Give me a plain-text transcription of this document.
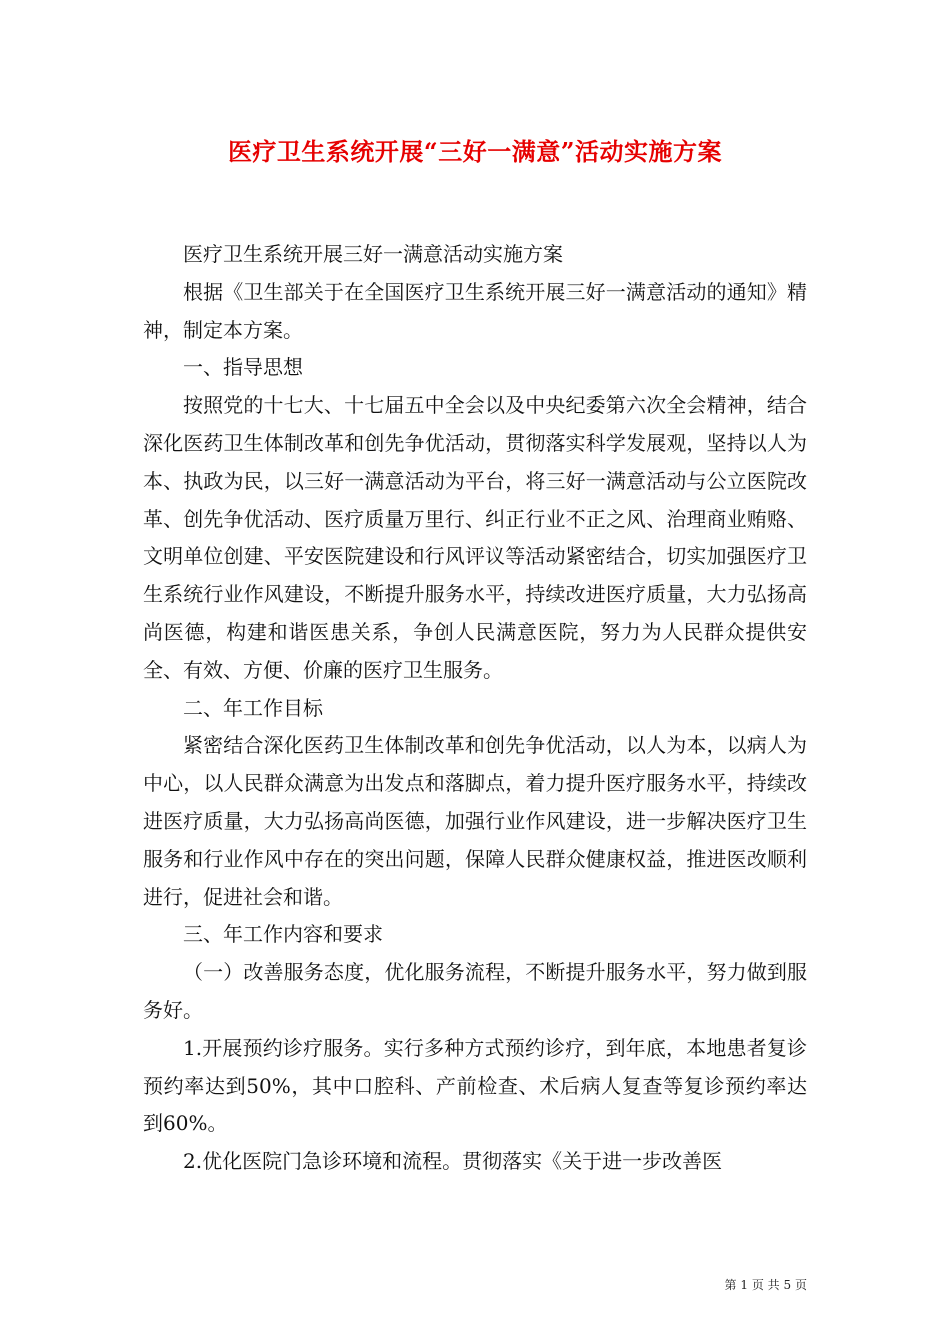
医疗卫生系统开展“三好一满意”活动实施方案

医疗卫生系统开展三好一满意活动实施方案

根据《卫生部关于在全国医疗卫生系统开展三好一满意活动的通知》精神，制定本方案。

一、指导思想

按照党的十七大、十七届五中全会以及中央纪委第六次全会精神，结合深化医药卫生体制改革和创先争优活动，贯彻落实科学发展观，坚持以人为本、执政为民，以三好一满意活动为平台，将三好一满意活动与公立医院改革、创先争优活动、医疗质量万里行、纠正行业不正之风、治理商业贿赂、文明单位创建、平安医院建设和行风评议等活动紧密结合，切实加强医疗卫生系统行业作风建设，不断提升服务水平，持续改进医疗质量，大力弘扬高尚医德，构建和谐医患关系，争创人民满意医院，努力为人民群众提供安全、有效、方便、价廉的医疗卫生服务。

二、年工作目标

紧密结合深化医药卫生体制改革和创先争优活动，以人为本，以病人为中心，以人民群众满意为出发点和落脚点，着力提升医疗服务水平，持续改进医疗质量，大力弘扬高尚医德，加强行业作风建设，进一步解决医疗卫生服务和行业作风中存在的突出问题，保障人民群众健康权益，推进医改顺利进行，促进社会和谐。

三、年工作内容和要求

（一）改善服务态度，优化服务流程，不断提升服务水平，努力做到服务好。

1.开展预约诊疗服务。实行多种方式预约诊疗，到年底，本地患者复诊预约率达到50%，其中口腔科、产前检查、术后病人复查等复诊预约率达到60%。

2.优化医院门急诊环境和流程。贯彻落实《关于进一步改善医

第 1 页 共 5 页
